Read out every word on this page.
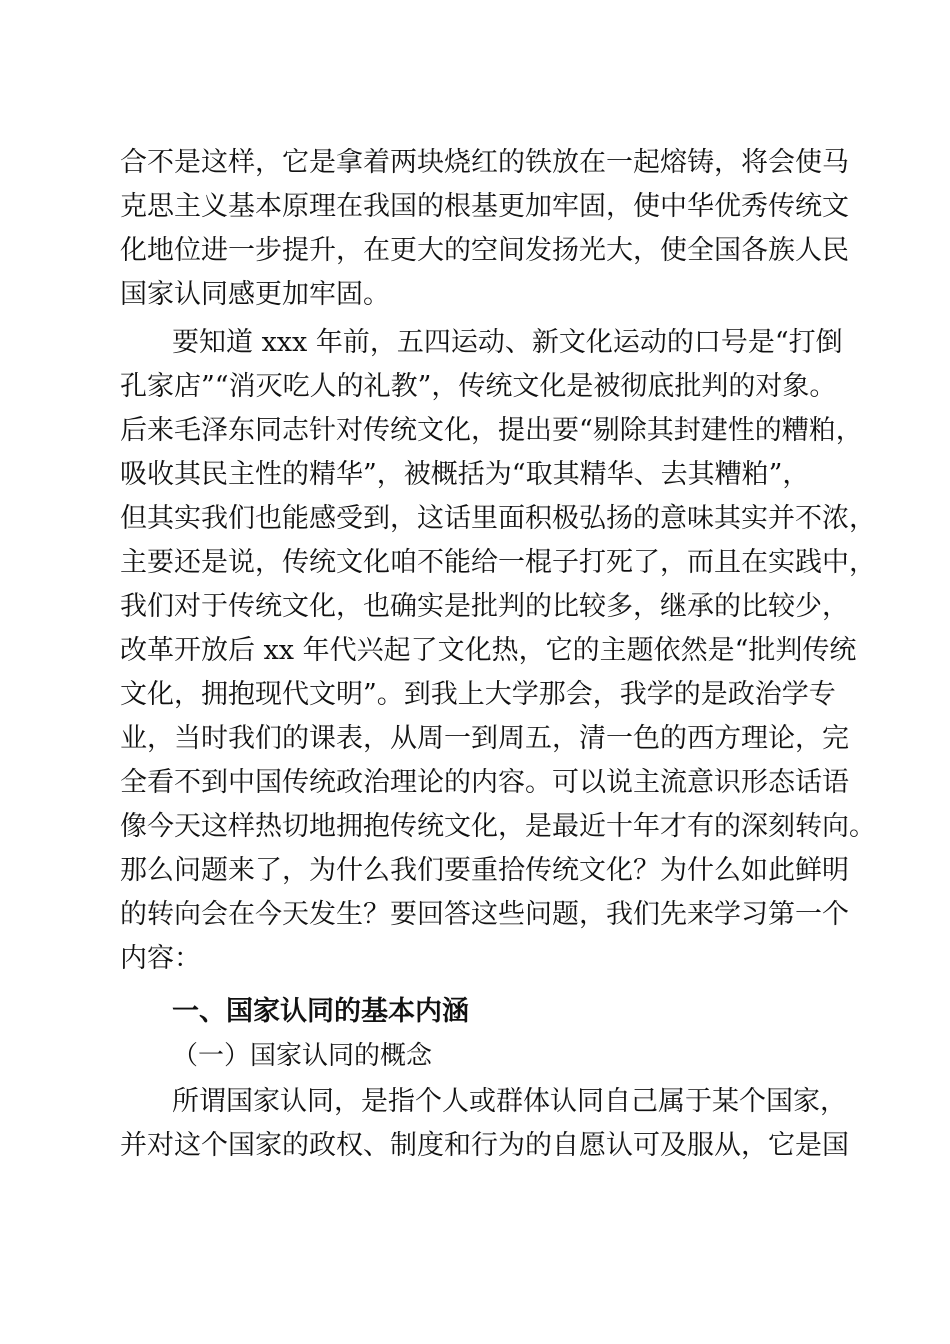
合不是这样，它是拿着两块烧红的铁放在一起熔铸，将会使马
克思主义基本原理在我国的根基更加牢固，使中华优秀传统文
化地位进一步提升，在更大的空间发扬光大，使全国各族人民
国家认同感更加牢固。
要知道 xxx 年前，五四运动、新文化运动的口号是“打倒
孔家店”“消灭吃人的礼教”，传统文化是被彻底批判的对象。
后来毛泽东同志针对传统文化，提出要“剔除其封建性的糟粕，
吸收其民主性的精华”，被概括为“取其精华、去其糟粕”，
但其实我们也能感受到，这话里面积极弘扬的意味其实并不浓，
主要还是说，传统文化咱不能给一棍子打死了，而且在实践中，
我们对于传统文化，也确实是批判的比较多，继承的比较少，
改革开放后 xx 年代兴起了文化热，它的主题依然是“批判传统
文化，拥抱现代文明”。到我上大学那会，我学的是政治学专
业，当时我们的课表，从周一到周五，清一色的西方理论，完
全看不到中国传统政治理论的内容。可以说主流意识形态话语
像今天这样热切地拥抱传统文化，是最近十年才有的深刻转向。
那么问题来了，为什么我们要重拾传统文化？为什么如此鲜明
的转向会在今天发生？要回答这些问题，我们先来学习第一个
内容：
一、国家认同的基本内涵
（一）国家认同的概念
所谓国家认同，是指个人或群体认同自己属于某个国家，
并对这个国家的政权、制度和行为的自愿认可及服从，它是国
